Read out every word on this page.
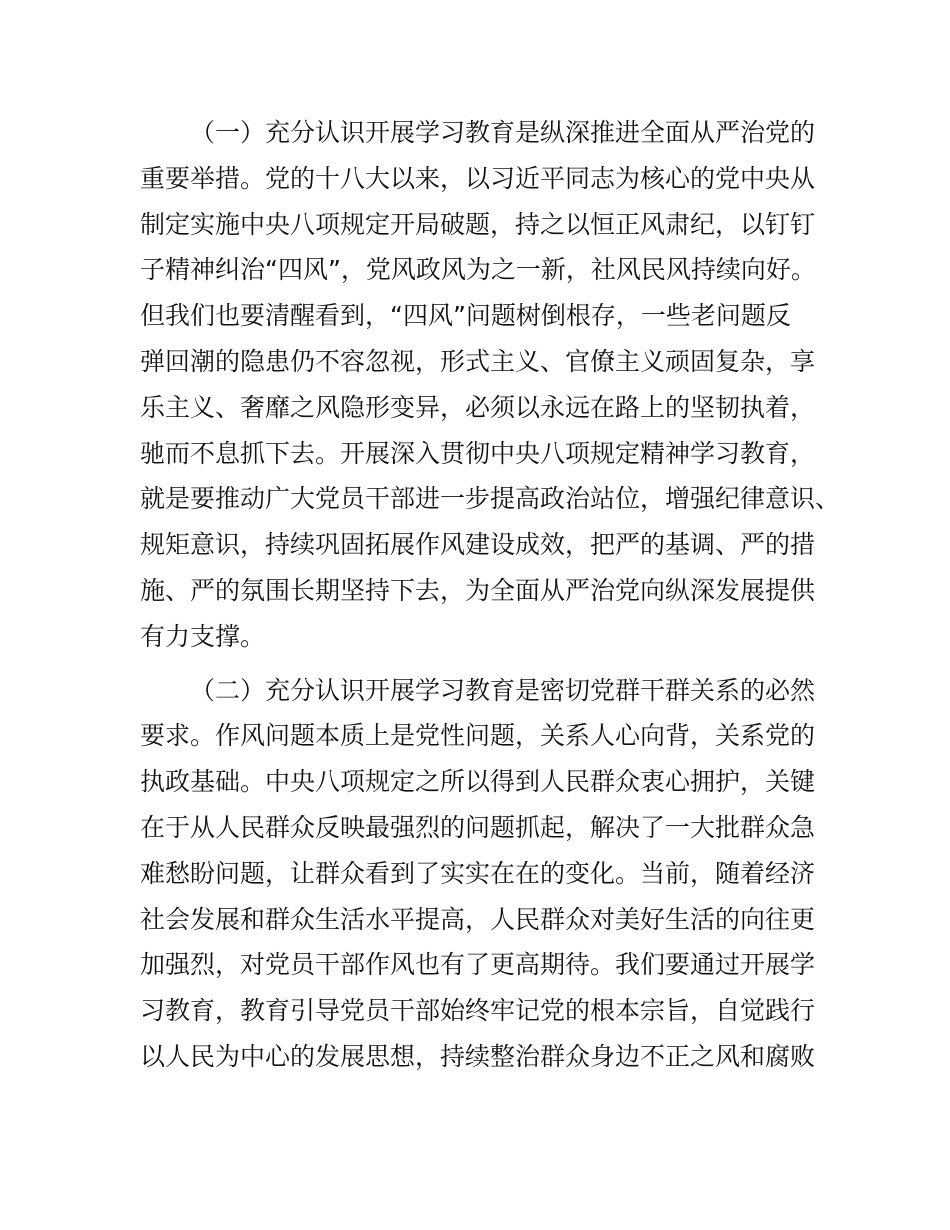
（一）充分认识开展学习教育是纵深推进全面从严治党的
重要举措。党的十八大以来，以习近平同志为核心的党中央从
制定实施中央八项规定开局破题，持之以恒正风肃纪，以钉钉
子精神纠治“四风”，党风政风为之一新，社风民风持续向好。
但我们也要清醒看到，“四风”问题树倒根存，一些老问题反
弹回潮的隐患仍不容忽视，形式主义、官僚主义顽固复杂，享
乐主义、奢靡之风隐形变异，必须以永远在路上的坚韧执着，
驰而不息抓下去。开展深入贯彻中央八项规定精神学习教育，
就是要推动广大党员干部进一步提高政治站位，增强纪律意识、
规矩意识，持续巩固拓展作风建设成效，把严的基调、严的措
施、严的氛围长期坚持下去，为全面从严治党向纵深发展提供
有力支撑。
（二）充分认识开展学习教育是密切党群干群关系的必然
要求。作风问题本质上是党性问题，关系人心向背，关系党的
执政基础。中央八项规定之所以得到人民群众衷心拥护，关键
在于从人民群众反映最强烈的问题抓起，解决了一大批群众急
难愁盼问题，让群众看到了实实在在的变化。当前，随着经济
社会发展和群众生活水平提高，人民群众对美好生活的向往更
加强烈，对党员干部作风也有了更高期待。我们要通过开展学
习教育，教育引导党员干部始终牢记党的根本宗旨，自觉践行
以人民为中心的发展思想，持续整治群众身边不正之风和腐败
